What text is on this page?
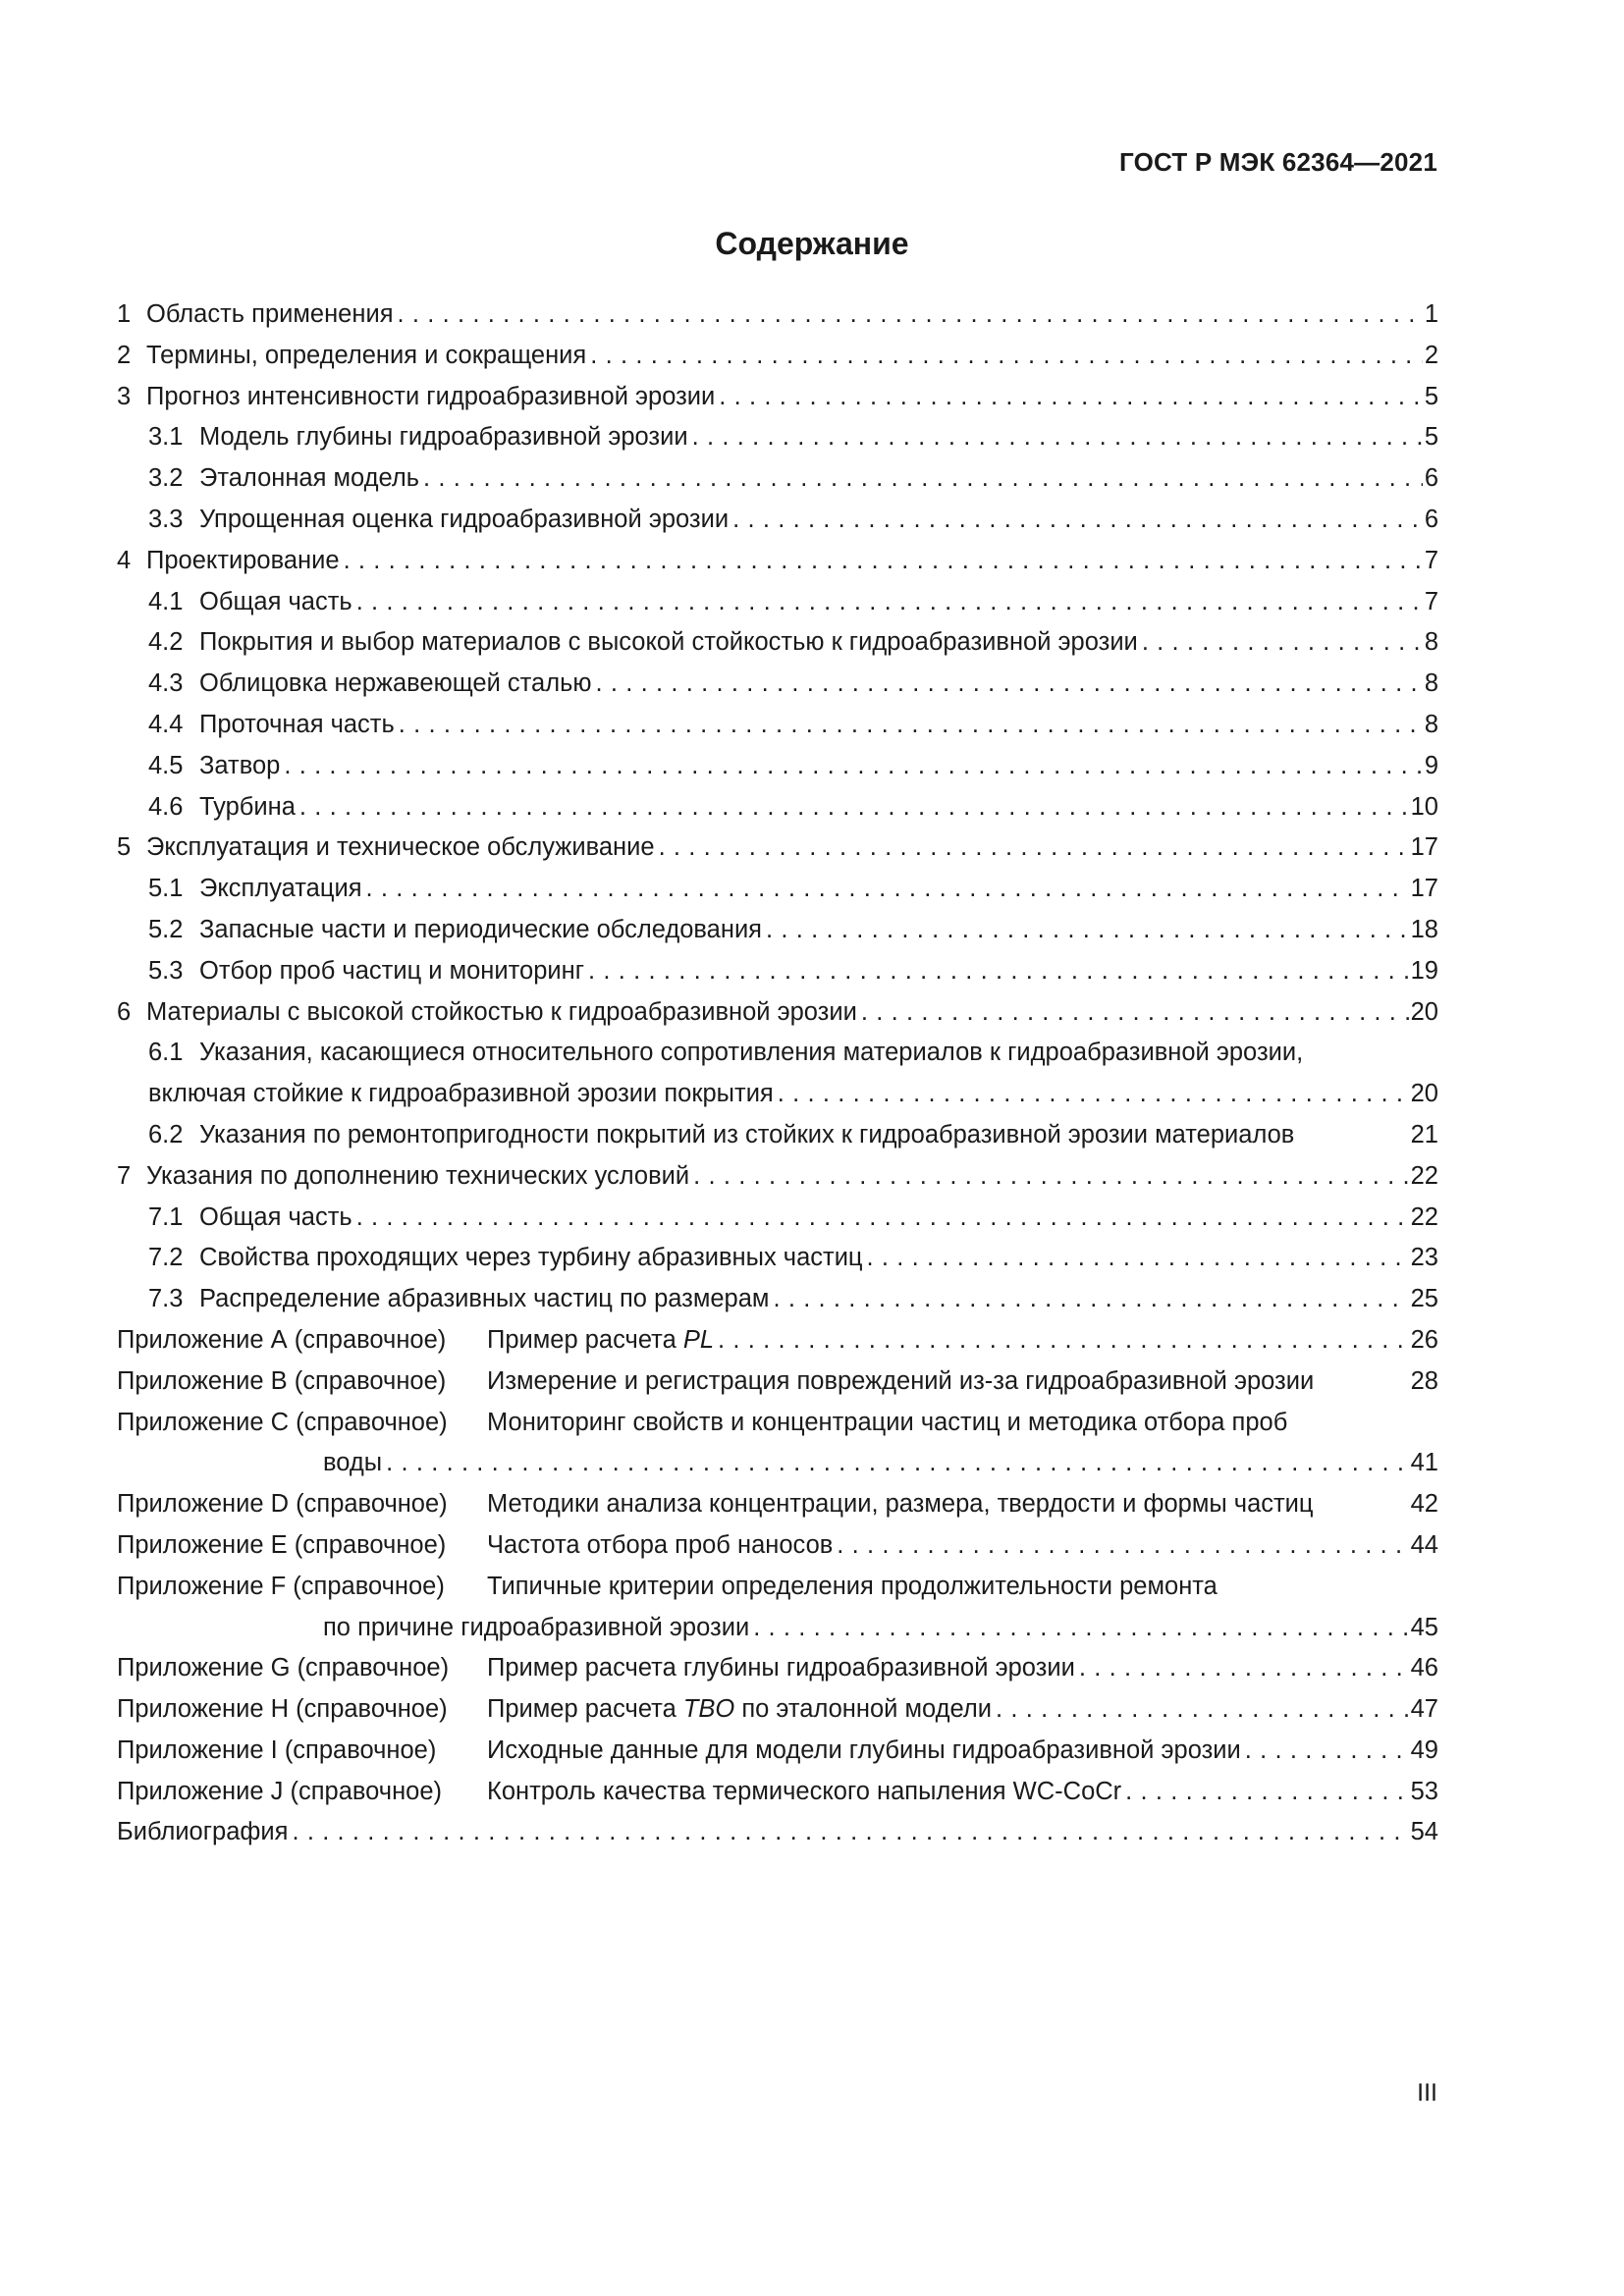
ГОСТ Р МЭК 62364—2021
Содержание
1 Область применения . . .	1
2 Термины, определения и сокращения . . .	2
3 Прогноз интенсивности гидроабразивной эрозии . . .	5
3.1 Модель глубины гидроабразивной эрозии . . .	5
3.2 Эталонная модель . . .	6
3.3 Упрощенная оценка гидроабразивной эрозии . . .	6
4 Проектирование . . .	7
4.1 Общая часть . . .	7
4.2 Покрытия и выбор материалов с высокой стойкостью к гидроабразивной эрозии . . .	8
4.3 Облицовка нержавеющей сталью . . .	8
4.4 Проточная часть . . .	8
4.5 Затвор . . .	9
4.6 Турбина . . .	10
5 Эксплуатация и техническое обслуживание . . .	17
5.1 Эксплуатация . . .	17
5.2 Запасные части и периодические обследования . . .	18
5.3 Отбор проб частиц и мониторинг . . .	19
6 Материалы с высокой стойкостью к гидроабразивной эрозии . . .	20
6.1 Указания, касающиеся относительного сопротивления материалов к гидроабразивной эрозии,
включая стойкие к гидроабразивной эрозии покрытия . . .	20
6.2 Указания по ремонтопригодности покрытий из стойких к гидроабразивной эрозии материалов	21
7 Указания по дополнению технических условий . . .	22
7.1 Общая часть . . .	22
7.2 Свойства проходящих через турбину абразивных частиц . . .	23
7.3 Распределение абразивных частиц по размерам . . .	25
Приложение А (справочное)	Пример расчета PL . . .	26
Приложение В (справочное)	Измерение и регистрация повреждений из-за гидроабразивной эрозии	28
Приложение С (справочное)	Мониторинг свойств и концентрации частиц и методика отбора проб
воды . . .	41
Приложение D (справочное)	Методики анализа концентрации, размера, твердости и формы частиц	42
Приложение Е (справочное)	Частота отбора проб наносов . . .	44
Приложение F (справочное)	Типичные критерии определения продолжительности ремонта
по причине гидроабразивной эрозии . . .	45
Приложение G (справочное)	Пример расчета глубины гидроабразивной эрозии . . .	46
Приложение Н (справочное)	Пример расчета TBO по эталонной модели . . .	47
Приложение I (справочное)	Исходные данные для модели глубины гидроабразивной эрозии . . .	49
Приложение J (справочное)	Контроль качества термического напыления WC-CoCr . . .	53
Библиография . . .	54
III
